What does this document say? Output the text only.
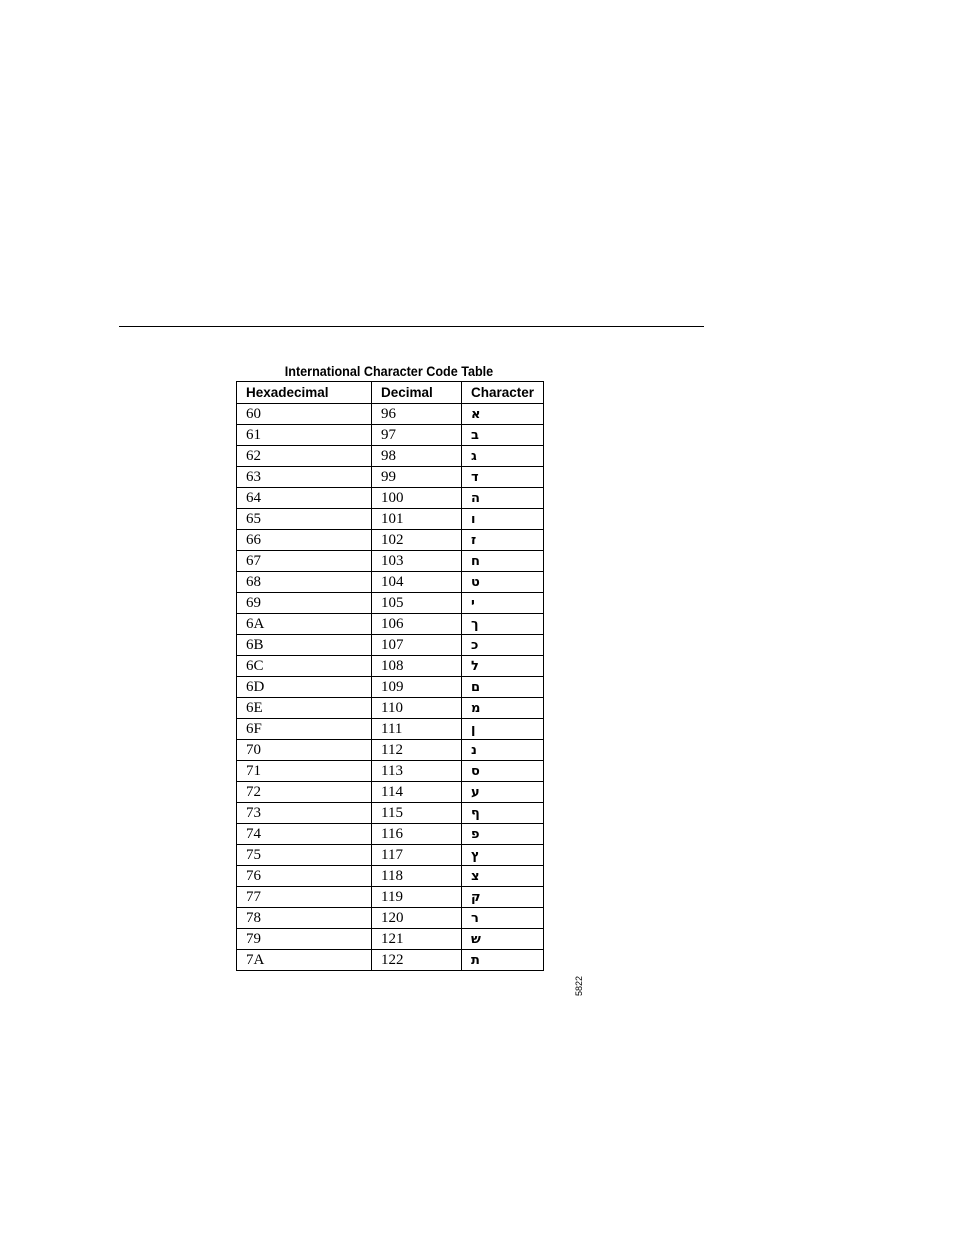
International Character Code Table
Hexadecimal	Decimal	Character
60	96	א
61	97	ב
62	98	ג
63	99	ד
64	100	ה
65	101	ו
66	102	ז
67	103	ח
68	104	ט
69	105	י
6A	106	ך
6B	107	כ
6C	108	ל
6D	109	ם
6E	110	מ
6F	111	ן
70	112	נ
71	113	ס
72	114	ע
73	115	ף
74	116	פ
75	117	ץ
76	118	צ
77	119	ק
78	120	ר
79	121	ש
7A	122	ת
5822
